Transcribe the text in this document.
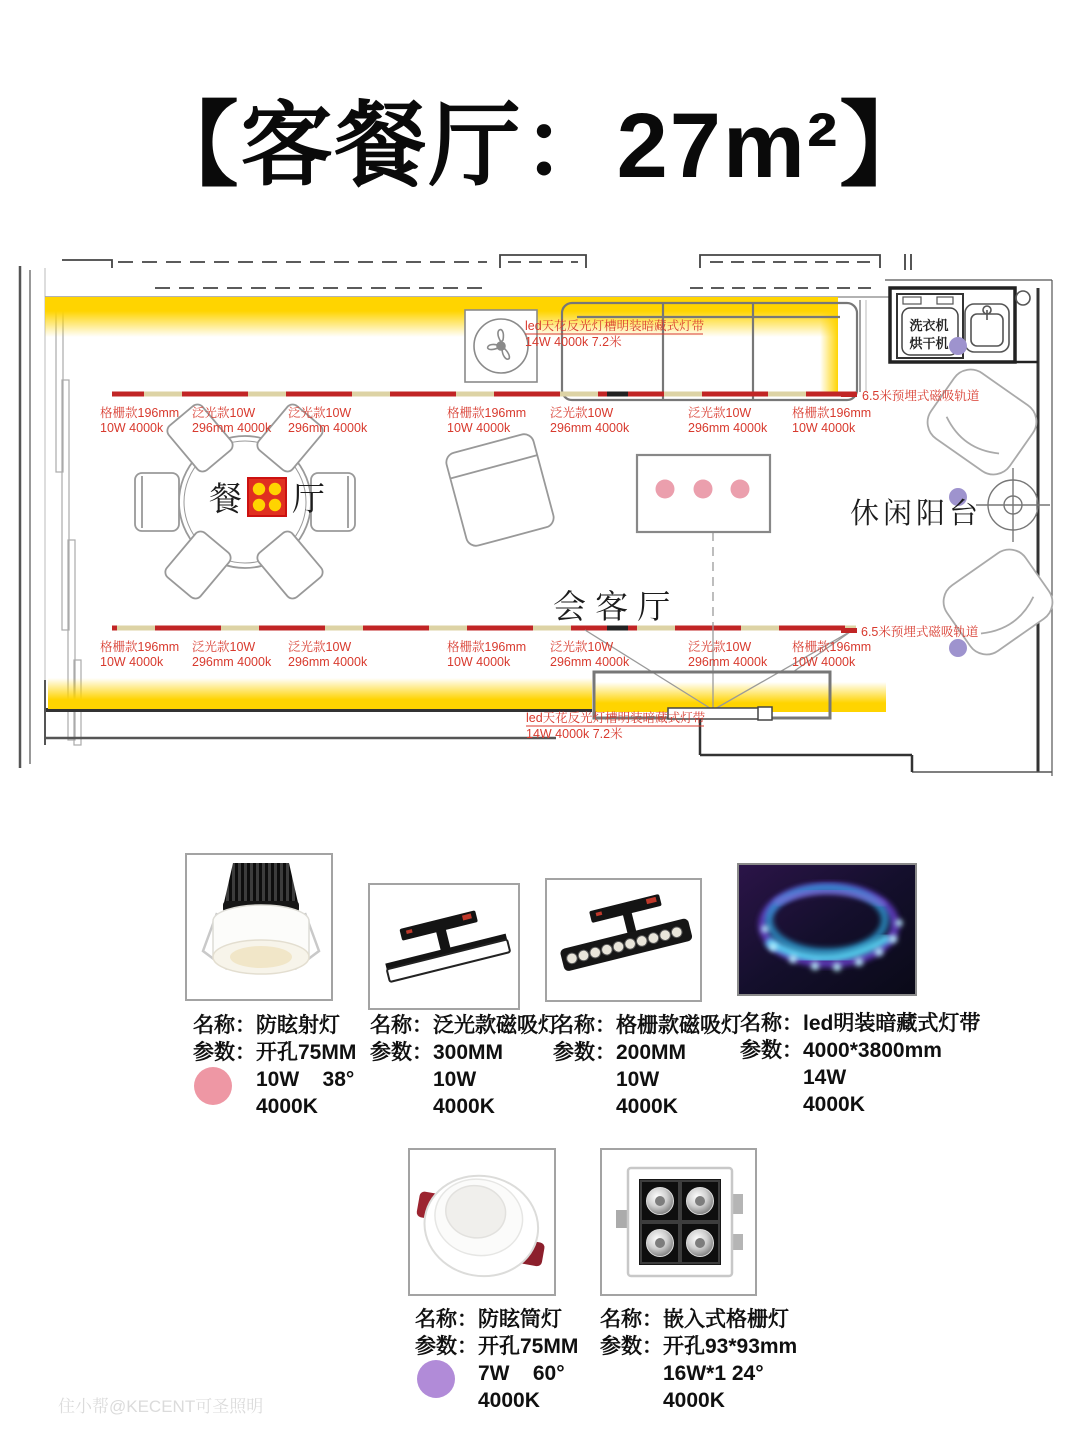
【客餐厅：27m²】
洗衣机
烘干机
餐 厅
会 客 厅
休闲阳台
led天花反光灯槽明装暗藏式灯带
14W 4000k 7.2米
led天花反光灯槽明装暗藏式灯带
14W 4000k 7.2米
6.5米预埋式磁吸轨道
6.5米预埋式磁吸轨道
格栅款196mm
10W 4000k
泛光款10W
296mm 4000k
泛光款10W
296mm 4000k
格栅款196mm
10W 4000k
泛光款10W
296mm 4000k
泛光款10W
296mm 4000k
格栅款196mm
10W 4000k
格栅款196mm
10W 4000k
泛光款10W
296mm 4000k
泛光款10W
296mm 4000k
格栅款196mm
10W 4000k
泛光款10W
296mm 4000k
泛光款10W
296mm 4000k
格栅款196mm
10W 4000k
名称：防眩射灯
参数：开孔75MM
10W    38°
4000K
名称：泛光款磁吸灯
参数：300MM
10W
4000K
名称：格栅款磁吸灯
参数：200MM
10W
4000K
名称：led明装暗藏式灯带
参数：4000*3800mm
14W
4000K
名称：防眩筒灯
参数：开孔75MM
7W    60°
4000K
名称：嵌入式格栅灯
参数：开孔93*93mm
16W*1 24°
4000K
住小帮@KECENT可圣照明
